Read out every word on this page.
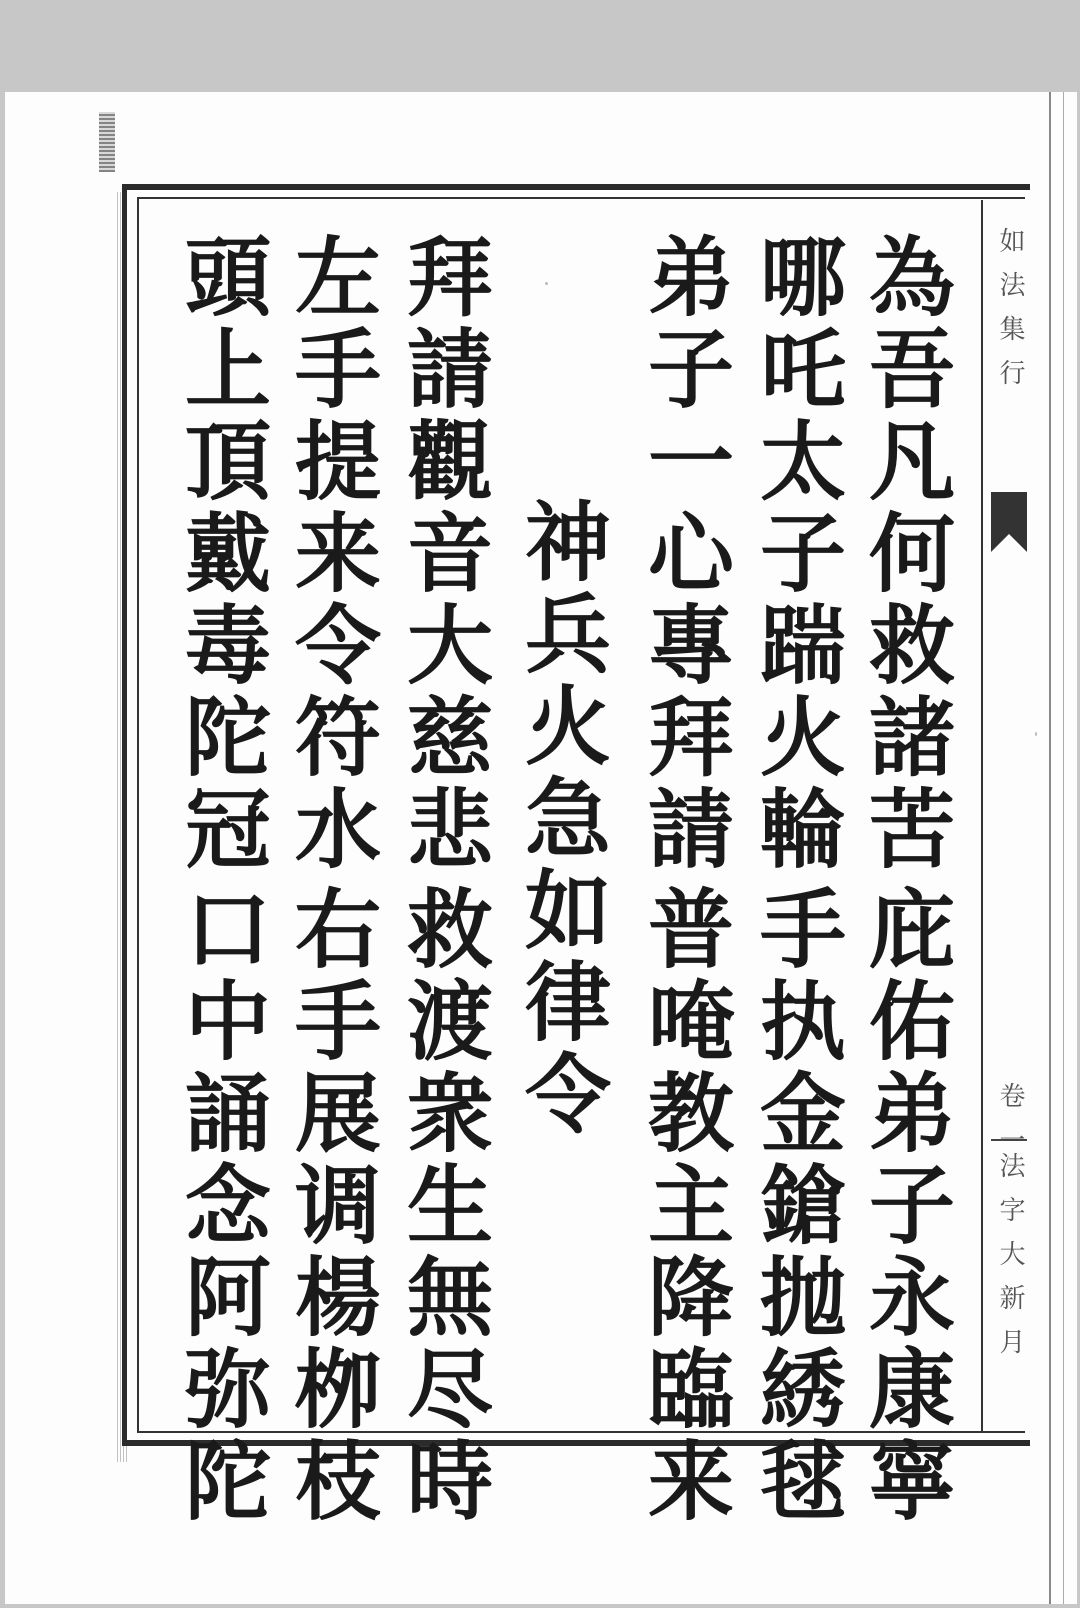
如法集行
卷一
法字大新月
為吾凡何救諸苦
庇佑弟子永康寧
哪吒太子踹火輪
手执金鎗抛綉毬
弟子一心專拜請
普唵教主降臨来
神兵火急如律令
拜請觀音大慈悲
救渡衆生無尽時
左手提来令符水
右手展调楊栁枝
頭上頂戴毒陀冠
口中誦念阿弥陀
